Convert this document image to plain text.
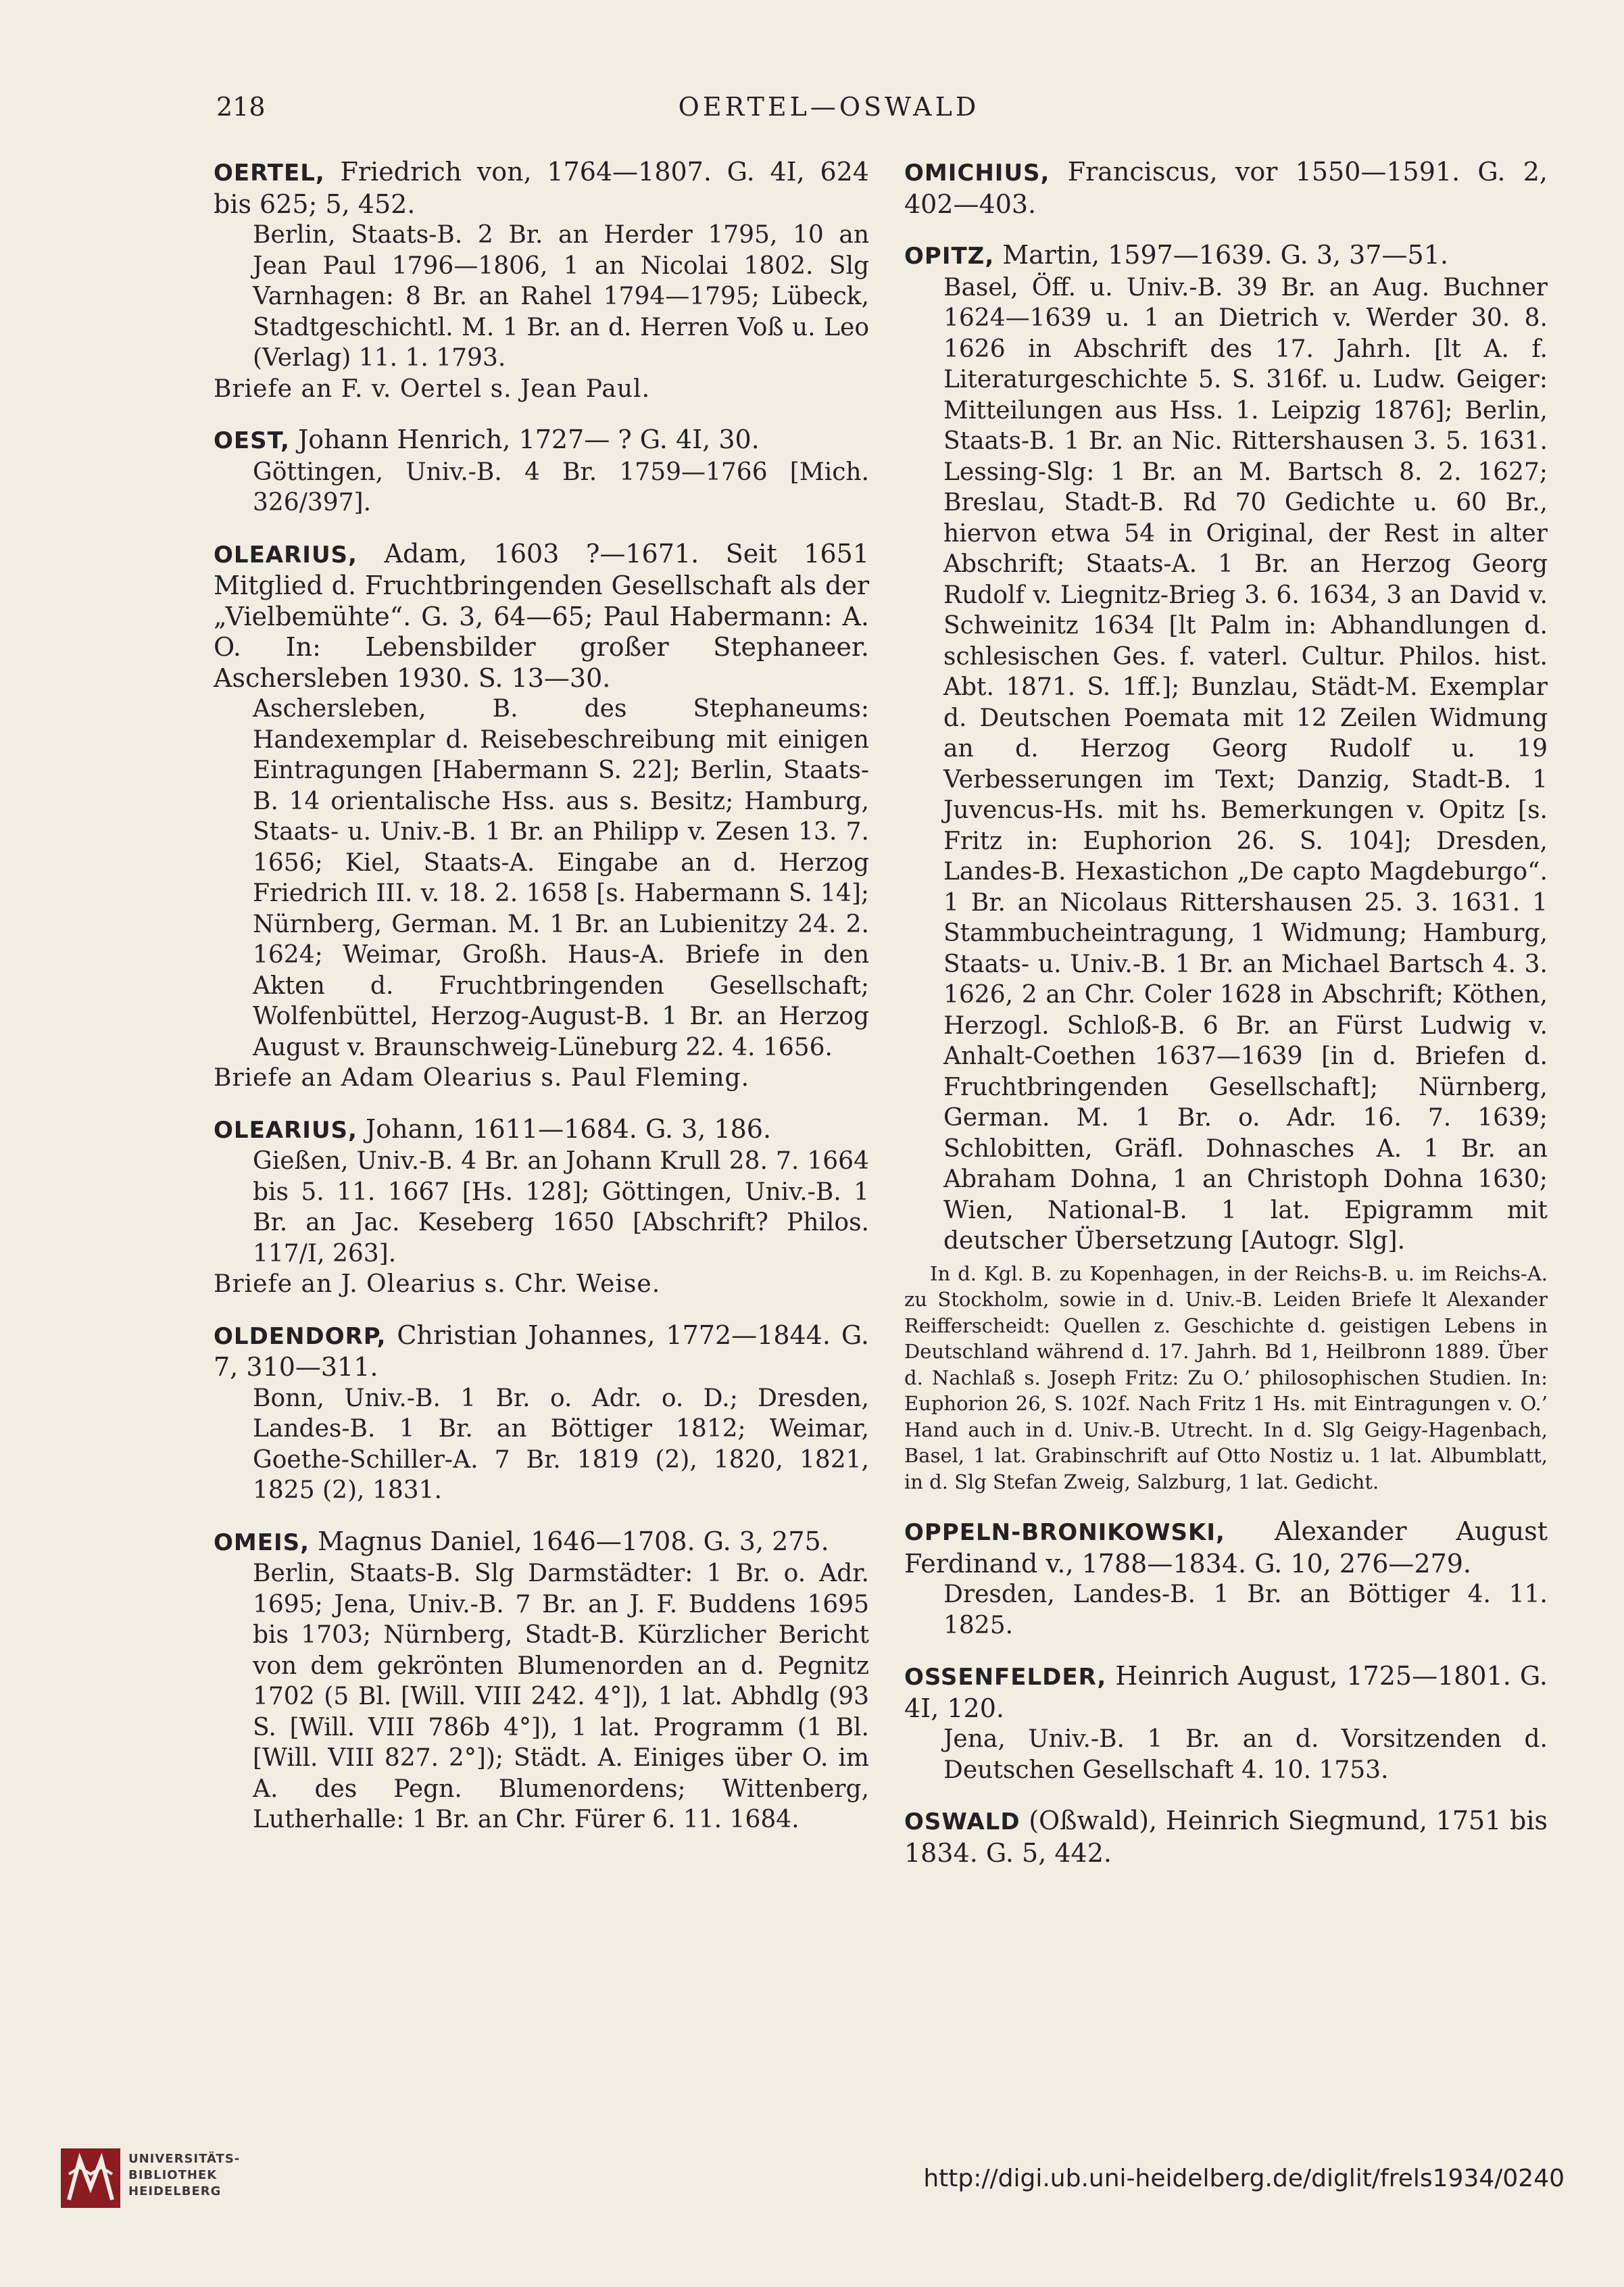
218	OERTEL—OSWALD
OERTEL, Friedrich von, 1764—1807. G. 4I, 624 bis 625; 5, 452.
Berlin, Staats-B. 2 Br. an Herder 1795, 10 an Jean Paul 1796—1806, 1 an Nicolai 1802. Slg Varnhagen: 8 Br. an Rahel 1794—1795; Lübeck, Stadtgeschichtl. M. 1 Br. an d. Herren Voß u. Leo (Verlag) 11. 1. 1793.

Briefe an F. v. Oertel s. Jean Paul.

OEST, Johann Henrich, 1727— ? G. 4I, 30.
Göttingen, Univ.-B. 4 Br. 1759—1766 [Mich. 326/397].
OLEARIUS, Adam, 1603 ?—1671. Seit 1651 Mitglied d. Fruchtbringenden Gesellschaft als der „Vielbemühte“. G. 3, 64—65; Paul Habermann: A. O. In: Lebensbilder großer Stephaneer. Aschersleben 1930. S. 13—30.
Aschersleben, B. des Stephaneums: Handexemplar d. Reisebeschreibung mit einigen Eintragungen [Habermann S. 22]; Berlin, Staats-B. 14 orientalische Hss. aus s. Besitz; Hamburg, Staats- u. Univ.-B. 1 Br. an Philipp v. Zesen 13. 7. 1656; Kiel, Staats-A. Eingabe an d. Herzog Friedrich III. v. 18. 2. 1658 [s. Habermann S. 14]; Nürnberg, German. M. 1 Br. an Lubienitzy 24. 2. 1624; Weimar, Großh. Haus-A. Briefe in den Akten d. Fruchtbringenden Gesellschaft; Wolfenbüttel, Herzog-August-B. 1 Br. an Herzog August v. Braunschweig-Lüneburg 22. 4. 1656.

Briefe an Adam Olearius s. Paul Fleming.

OLEARIUS, Johann, 1611—1684. G. 3, 186.
Gießen, Univ.-B. 4 Br. an Johann Krull 28. 7. 1664 bis 5. 11. 1667 [Hs. 128]; Göttingen, Univ.-B. 1 Br. an Jac. Keseberg 1650 [Abschrift? Philos. 117/I, 263].

Briefe an J. Olearius s. Chr. Weise.

OLDENDORP, Christian Johannes, 1772—1844. G. 7, 310—311.
Bonn, Univ.-B. 1 Br. o. Adr. o. D.; Dresden, Landes-B. 1 Br. an Böttiger 1812; Weimar, Goethe-Schiller-A. 7 Br. 1819 (2), 1820, 1821, 1825 (2), 1831.
OMEIS, Magnus Daniel, 1646—1708. G. 3, 275.
Berlin, Staats-B. Slg Darmstädter: 1 Br. o. Adr. 1695; Jena, Univ.-B. 7 Br. an J. F. Buddens 1695 bis 1703; Nürnberg, Stadt-B. Kürzlicher Bericht von dem gekrönten Blumenorden an d. Pegnitz 1702 (5 Bl. [Will. VIII 242. 4°]), 1 lat. Abhdlg (93 S. [Will. VIII 786b 4°]), 1 lat. Programm (1 Bl. [Will. VIII 827. 2°]); Städt. A. Einiges über O. im A. des Pegn. Blumenordens; Wittenberg, Lutherhalle: 1 Br. an Chr. Fürer 6. 11. 1684.
OMICHIUS, Franciscus, vor 1550—1591. G. 2, 402—403.
OPITZ, Martin, 1597—1639. G. 3, 37—51.
Basel, Öff. u. Univ.-B. 39 Br. an Aug. Buchner 1624—1639 u. 1 an Dietrich v. Werder 30. 8. 1626 in Abschrift des 17. Jahrh. [lt A. f. Literaturgeschichte 5. S. 316f. u. Ludw. Geiger: Mitteilungen aus Hss. 1. Leipzig 1876]; Berlin, Staats-B. 1 Br. an Nic. Rittershausen 3. 5. 1631. Lessing-Slg: 1 Br. an M. Bartsch 8. 2. 1627; Breslau, Stadt-B. Rd 70 Gedichte u. 60 Br., hiervon etwa 54 in Original, der Rest in alter Abschrift; Staats-A. 1 Br. an Herzog Georg Rudolf v. Liegnitz-Brieg 3. 6. 1634, 3 an David v. Schweinitz 1634 [lt Palm in: Abhandlungen d. schlesischen Ges. f. vaterl. Cultur. Philos. hist. Abt. 1871. S. 1ff.]; Bunzlau, Städt-M. Exemplar d. Deutschen Poemata mit 12 Zeilen Widmung an d. Herzog Georg Rudolf u. 19 Verbesserungen im Text; Danzig, Stadt-B. 1 Juvencus-Hs. mit hs. Bemerkungen v. Opitz [s. Fritz in: Euphorion 26. S. 104]; Dresden, Landes-B. Hexastichon „De capto Magdeburgo“. 1 Br. an Nicolaus Rittershausen 25. 3. 1631. 1 Stammbucheintragung, 1 Widmung; Hamburg, Staats- u. Univ.-B. 1 Br. an Michael Bartsch 4. 3. 1626, 2 an Chr. Coler 1628 in Abschrift; Köthen, Herzogl. Schloß-B. 6 Br. an Fürst Ludwig v. Anhalt-Coethen 1637—1639 [in d. Briefen d. Fruchtbringenden Gesellschaft]; Nürnberg, German. M. 1 Br. o. Adr. 16. 7. 1639; Schlobitten, Gräfl. Dohnasches A. 1 Br. an Abraham Dohna, 1 an Christoph Dohna 1630; Wien, National-B. 1 lat. Epigramm mit deutscher Übersetzung [Autogr. Slg].

In d. Kgl. B. zu Kopenhagen, in der Reichs-B. u. im Reichs-A. zu Stockholm, sowie in d. Univ.-B. Leiden Briefe lt Alexander Reifferscheidt: Quellen z. Geschichte d. geistigen Lebens in Deutschland während d. 17. Jahrh. Bd 1, Heilbronn 1889. Über d. Nachlaß s. Joseph Fritz: Zu O.’ philosophischen Studien. In: Euphorion 26, S. 102f. Nach Fritz 1 Hs. mit Eintragungen v. O.’ Hand auch in d. Univ.-B. Utrecht. In d. Slg Geigy-Hagenbach, Basel, 1 lat. Grabinschrift auf Otto Nostiz u. 1 lat. Albumblatt, in d. Slg Stefan Zweig, Salzburg, 1 lat. Gedicht.

OPPELN-BRONIKOWSKI, Alexander August Ferdinand v., 1788—1834. G. 10, 276—279.
Dresden, Landes-B. 1 Br. an Böttiger 4. 11. 1825.
OSSENFELDER, Heinrich August, 1725—1801. G. 4I, 120.
Jena, Univ.-B. 1 Br. an d. Vorsitzenden d. Deutschen Gesellschaft 4. 10. 1753.
OSWALD (Oßwald), Heinrich Siegmund, 1751 bis 1834. G. 5, 442.
UNIVERSITÄTS-
BIBLIOTHEK
HEIDELBERG	http://digi.ub.uni-heidelberg.de/diglit/frels1934/0240
